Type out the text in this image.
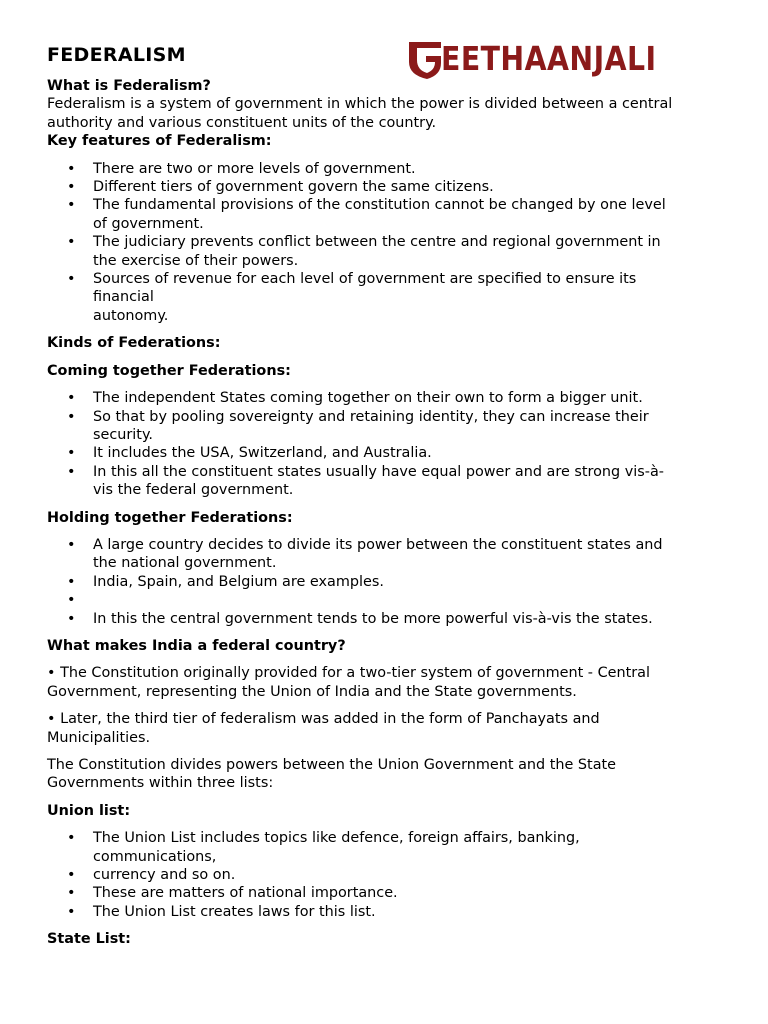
EETHAANJALI
FEDERALISM

What is Federalism?

Federalism is a system of government in which the power is divided between a central

authority and various constituent units of the country.

Key features of Federalism:

• There are two or more levels of government.
• Different tiers of government govern the same citizens.
• The fundamental provisions of the constitution cannot be changed by one level
of government.
• The judiciary prevents conflict between the centre and regional government in
the exercise of their powers.
• Sources of revenue for each level of government are specified to ensure its
financial
autonomy.

Kinds of Federations:

Coming together Federations:

• The independent States coming together on their own to form a bigger unit.
• So that by pooling sovereignty and retaining identity, they can increase their
security.
• It includes the USA, Switzerland, and Australia.
• In this all the constituent states usually have equal power and are strong vis-à-
vis the federal government.

Holding together Federations:

• A large country decides to divide its power between the constituent states and
the national government.
• India, Spain, and Belgium are examples.
•
• In this the central government tends to be more powerful vis-à-vis the states.

What makes India a federal country?

• The Constitution originally provided for a two-tier system of government - Central

Government, representing the Union of India and the State governments.

• Later, the third tier of federalism was added in the form of Panchayats and

Municipalities.

The Constitution divides powers between the Union Government and the State

Governments within three lists:

Union list:

• The Union List includes topics like defence, foreign affairs, banking,
communications,
• currency and so on.
• These are matters of national importance.
• The Union List creates laws for this list.

State List:
